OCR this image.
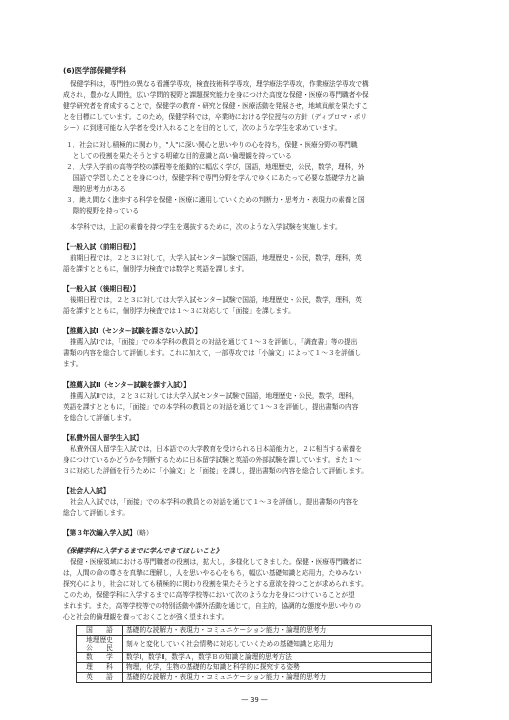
(6)医学部保健学科
保健学科は，専門性の異なる看護学専攻，検査技術科学専攻，理学療法学専攻，作業療法学専攻で構
成され，豊かな人間性，広い学問的視野と課題探究能力を身につけた高度な保健・医療の専門職者や保
健学研究者を育成することで，保健学の教育・研究と保健・医療活動を発展させ，地域貢献を果たすこ
とを目標にしています。このため，保健学科では，卒業時における学位授与の方針（ディプロマ・ポリ
シー）に到達可能な入学者を受け入れることを目的として，次のような学生を求めています。
１．社会に対し積極的に関わり，"人"に深い関心と思いやりの心を持ち，保健・医療分野の専門職
　としての役割を果たそうとする明確な目的意識と高い倫理観を持っている
２．大学入学前の高等学校の課程等を能動的に幅広く学び，国語，地理歴史，公民，数学，理科，外
　国語で学習したことを身につけ，保健学科で専門分野を学んでゆくにあたって必要な基礎学力と論
　理的思考力がある
３．絶え間なく進歩する科学を保健・医療に適用していくための判断力・思考力・表現力の素養と国
　際的視野を持っている
本学科では，上記の素養を持つ学生を選抜するために，次のような入学試験を実施します。
【一般入試（前期日程）】
前期日程では，２と３に対して，大学入試センター試験で国語，地理歴史・公民，数学，理科，英
語を課すとともに，個別学力検査では数学と英語を課します。
【一般入試（後期日程）】
後期日程では，２と３に対しては大学入試センター試験で国語，地理歴史・公民，数学，理科，英
語を課すとともに，個別学力検査では１～３に対応して「面接」を課します。
【推薦入試Ⅰ（センター試験を課さない入試）】
推薦入試Ⅰでは，「面接」での本学科の教員との対話を通じて１～３を評価し，「調査書」等の提出
書類の内容を総合して評価します。これに加えて，一部専攻では「小論文」によって１～３を評価し
ます。
【推薦入試Ⅱ（センター試験を課す入試）】
推薦入試Ⅱでは，２と３に対しては大学入試センター試験で国語，地理歴史・公民，数学，理科，
英語を課すとともに，「面接」での本学科の教員との対話を通じて１～３を評価し，提出書類の内容
を総合して評価します。
【私費外国人留学生入試】
私費外国人留学生入試では，日本語での大学教育を受けられる日本語能力と，２に相当する素養を
身につけているかどうかを判断するために日本留学試験と英語の外部試験を課しています。また１～
３に対応した評価を行うために「小論文」と「面接」を課し，提出書類の内容を総合して評価します。
【社会人入試】
社会人入試では，「面接」での本学科の教員との対話を通じて１～３を評価し，提出書類の内容を
総合して評価します。
【第３年次編入学入試】（略）
《保健学科に入学するまでに学んできてほしいこと》
保健・医療領域における専門職者の役割は，拡大し，多様化してきました。保健・医療専門職者に
は，人間の命の尊さを真摯に理解し，人を思いやる心をもち，幅広い基礎知識と応用力，たゆみない
探究心により，社会に対しても積極的に関わり役割を果たそうとする意欲を持つことが求められます。
このため，保健学科に入学するまでに高等学校等において次のような力を身につけていることが望
まれます。また，高等学校等での特別活動や課外活動を通じて，自主的，協調的な態度や思いやりの
心と社会的倫理観を養っておくことが強く望まれます。
国　　語	基礎的な読解力・表現力・コミュニケーション能力・論理的思考力

地理歴史
公　　民	刻々と変化していく社会情勢に対応していくための基礎知識と応用力
数　　学	数学Ⅰ，数学Ⅱ，数学Ａ，数学Ｂの知識と論理的思考方法
理　　科	物理，化学，生物の基礎的な知識と科学的に探究する姿勢
英　　語	基礎的な読解力・表現力・コミュニケーション能力・論理的思考力
― 39 ―
